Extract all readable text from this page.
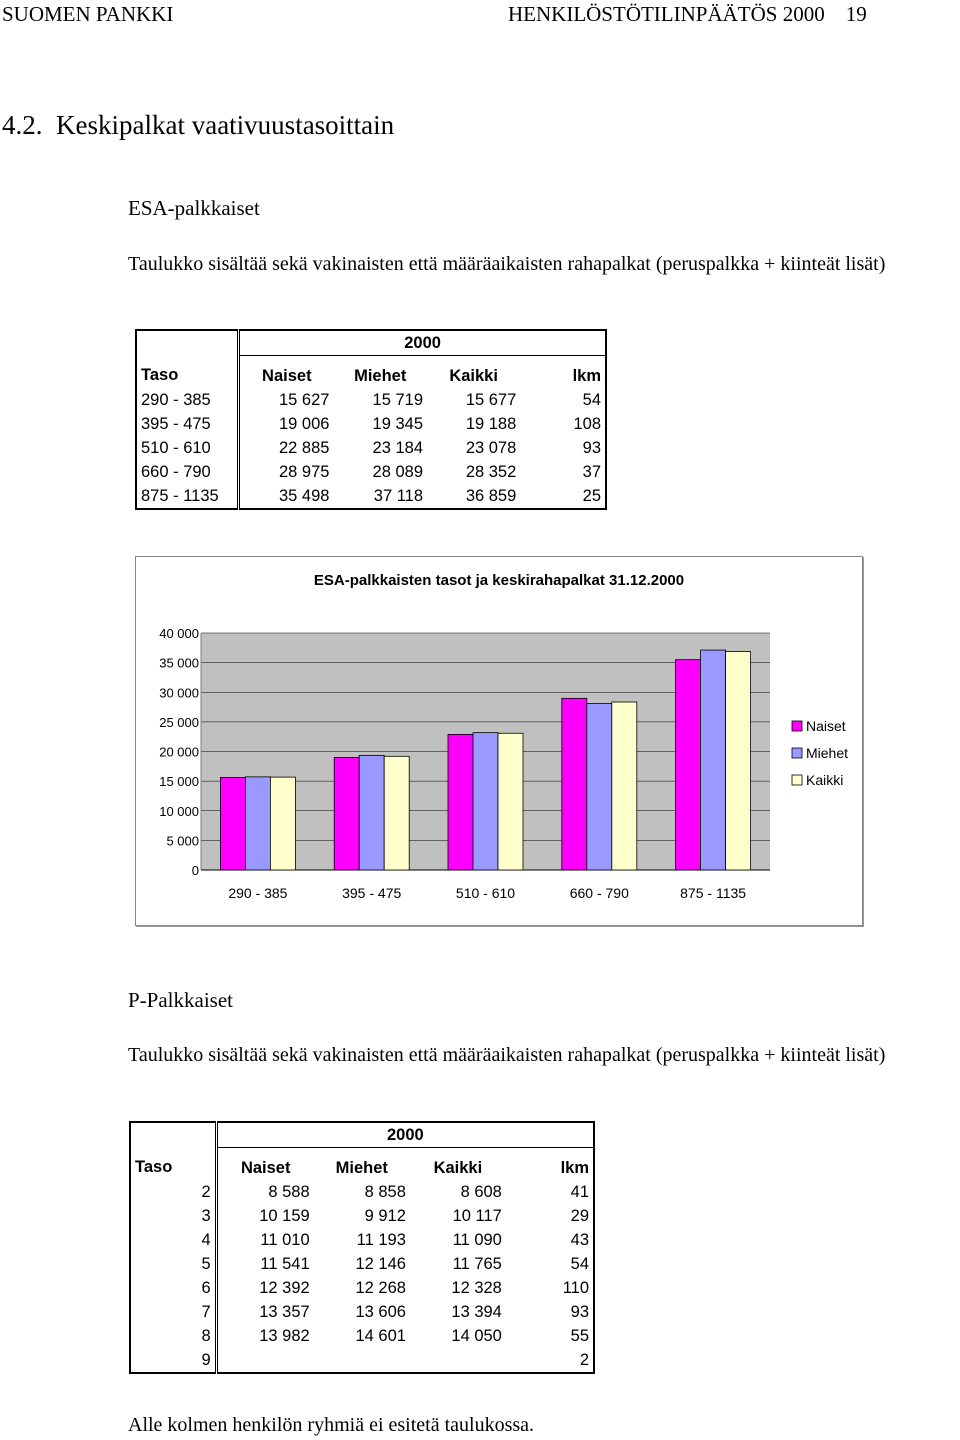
SUOMEN PANKKI	HENKILÖSTÖTILINPÄÄTÖS 2000    19
4.2.  Keskipalkat vaativuustasoittain
ESA-palkkaiset
Taulukko sisältää sekä vakinaisten että määräaikaisten rahapalkat (peruspalkka + kiinteät lisät)
	2000			
Taso	Naiset	Miehet	Kaikki	lkm
290 - 385	15 627	15 719	15 677	54
395 - 475	19 006	19 345	19 188	108
510 - 610	22 885	23 184	23 078	93
660 - 790	28 975	28 089	28 352	37
875 - 1135	35 498	37 118	36 859	25
ESA-palkkaisten tasot ja keskirahapalkat 31.12.2000
0
5 000
10 000
15 000
20 000
25 000
30 000
35 000
40 000
290 - 385	395 - 475	510 - 610	660 - 790	875 - 1135
Naiset
Miehet
Kaikki
P-Palkkaiset
Taulukko sisältää sekä vakinaisten että määräaikaisten rahapalkat (peruspalkka + kiinteät lisät)
	2000			
Taso	Naiset	Miehet	Kaikki	lkm
2	8 588	8 858	8 608	41
3	10 159	9 912	10 117	29
4	11 010	11 193	11 090	43
5	11 541	12 146	11 765	54
6	12 392	12 268	12 328	110
7	13 357	13 606	13 394	93
8	13 982	14 601	14 050	55
9				2
Alle kolmen henkilön ryhmiä ei esitetä taulukossa.
